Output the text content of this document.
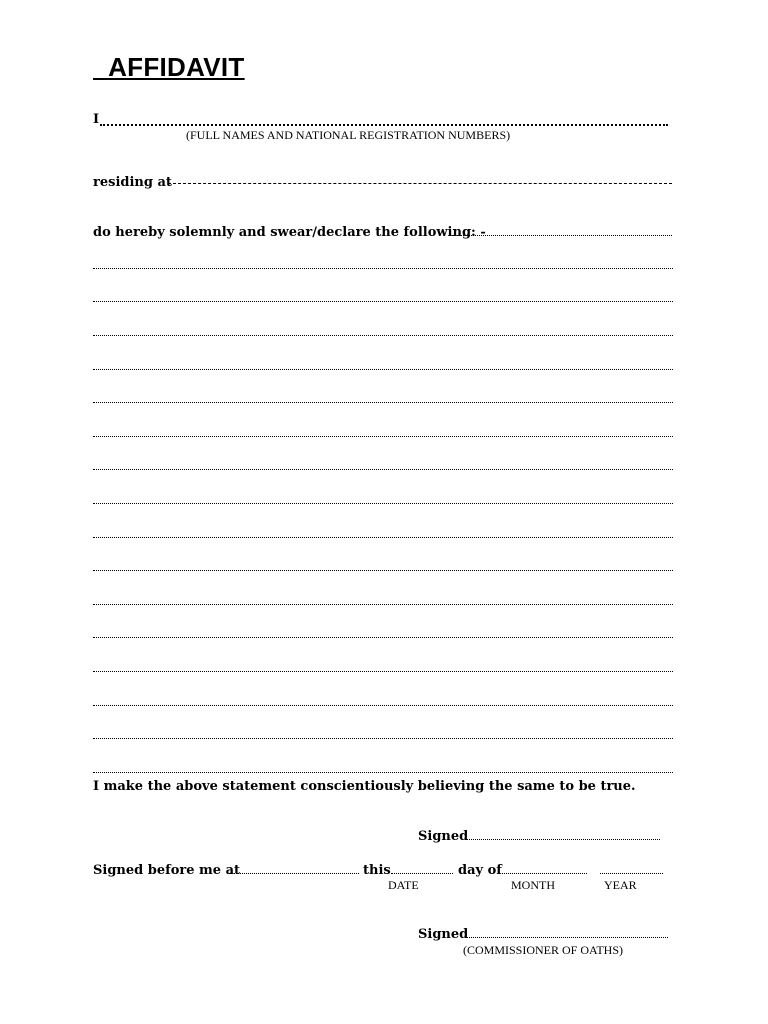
AFFIDAVIT
I
(FULL NAMES AND NATIONAL REGISTRATION NUMBERS)
residing at
do hereby solemnly and swear/declare the following: -
I make the above statement conscientiously believing the same to be true.
Signed
Signed before me at	this	day of
DATE	MONTH	YEAR
Signed
(COMMISSIONER OF OATHS)
